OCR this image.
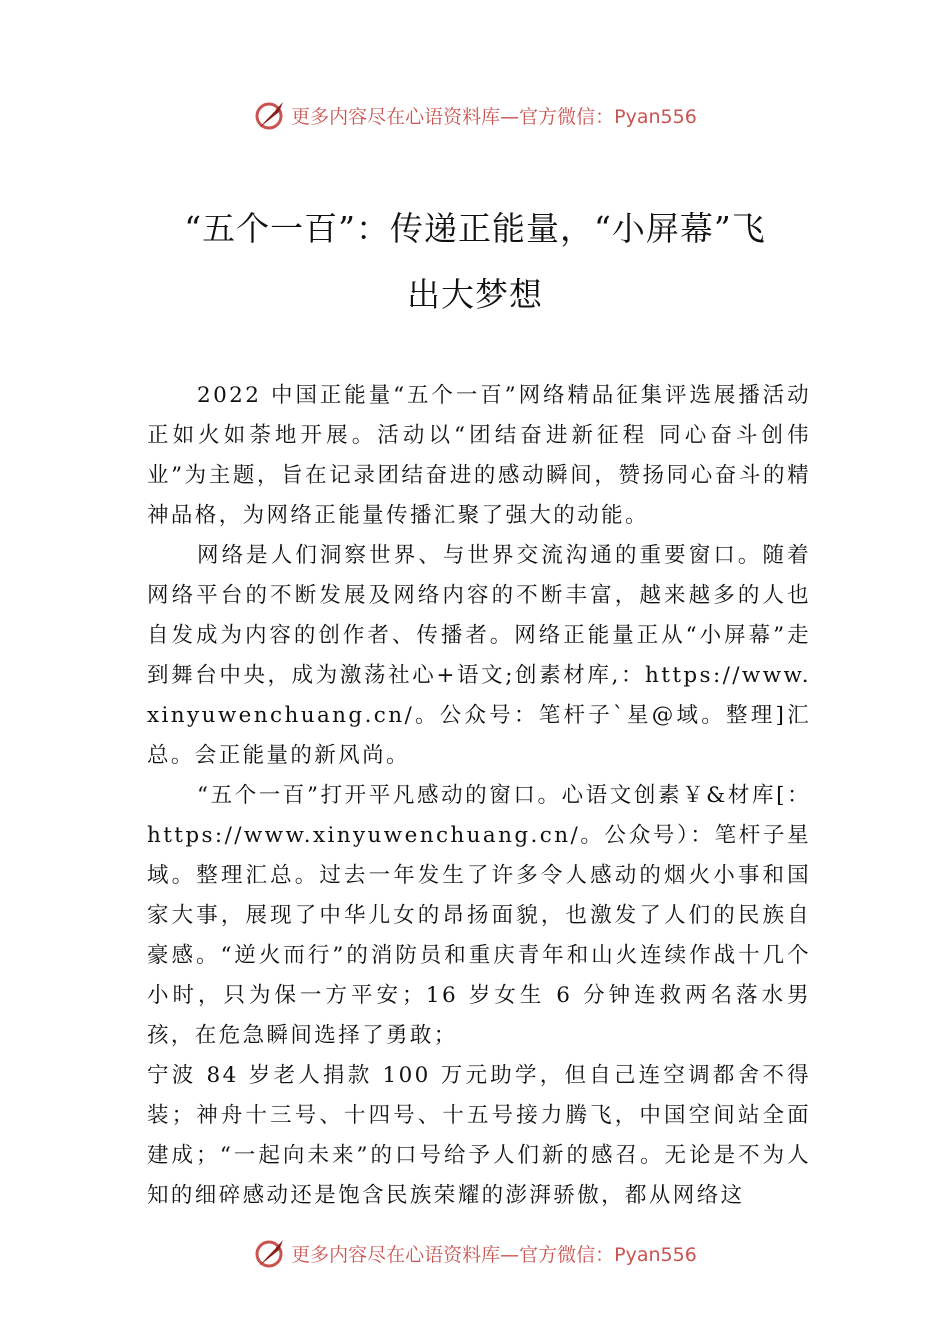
更多内容尽在心语资料库—官方微信：Pyan556
“五个一百”：传递正能量，“小屏幕”飞
出大梦想

2022 中国正能量“五个一百”网络精品征集评选展播活动正如火如荼地开展。活动以“团结奋进新征程 同心奋斗创伟业”为主题，旨在记录团结奋进的感动瞬间，赞扬同心奋斗的精神品格，为网络正能量传播汇聚了强大的动能。

网络是人们洞察世界、与世界交流沟通的重要窗口。随着网络平台的不断发展及网络内容的不断丰富，越来越多的人也自发成为内容的创作者、传播者。网络正能量正从“小屏幕”走到舞台中央，成为激荡社心+语文;创素材库,：https://www.xinyuwenchuang.cn/。公众号：笔杆子`星@域。整理]汇总。会正能量的新风尚。

“五个一百”打开平凡感动的窗口。心语文创素￥&材库[：https://www.xinyuwenchuang.cn/。公众号）：笔杆子星域。整理汇总。过去一年发生了许多令人感动的烟火小事和国家大事，展现了中华儿女的昂扬面貌，也激发了人们的民族自豪感。“逆火而行”的消防员和重庆青年和山火连续作战十几个小时，只为保一方平安；16 岁女生 6 分钟连救两名落水男孩，在危急瞬间选择了勇敢；

宁波 84 岁老人捐款 100 万元助学，但自己连空调都舍不得装；神舟十三号、十四号、十五号接力腾飞，中国空间站全面建成；“一起向未来”的口号给予人们新的感召。无论是不为人知的细碎感动还是饱含民族荣耀的澎湃骄傲，都从网络这

更多内容尽在心语资料库—官方微信：Pyan556
